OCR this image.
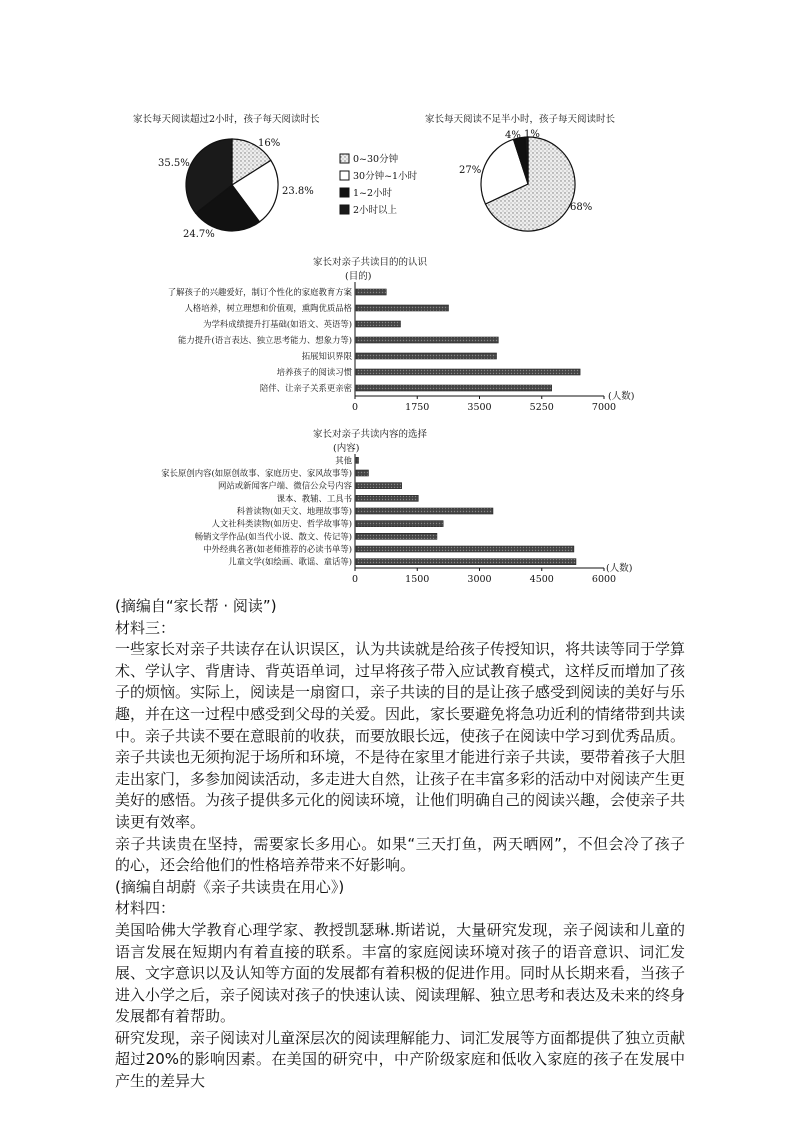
家长每天阅读超过2小时，孩子每天阅读时长
16%
23.8%
24.7%
35.5%	0~30分钟
30分钟~1小时
1~2小时
2小时以上
家长每天阅读不足半小时，孩子每天阅读时长
68%
27%
4% 1%
家长对亲子共读目的的认识
(目的)
了解孩子的兴趣爱好，制订个性化的家庭教育方案
人格培养，树立理想和价值观，熏陶优质品格
为学科成绩提升打基础(如语文、英语等)
能力提升(语言表达、独立思考能力、想象力等)
拓展知识界限
培养孩子的阅读习惯
陪伴、让亲子关系更亲密
0	1750	3500	5250	7000
(人数)
家长对亲子共读内容的选择
(内容)
其他
家长原创内容(如原创故事、家庭历史、家风故事等)
网站或新闻客户端、微信公众号内容
课本、教辅、工具书
科普读物(如天文、地理故事等)
人文社科类读物(如历史、哲学故事等)
畅销文学作品(如当代小说、散文、传记等)
中外经典名著(如老师推荐的必读书单等)
儿童文学(如绘画、歌谣、童话等)
0	1500	3000	4500	6000
(人数)

(摘编自“家长帮 · 阅读”)

材料三：

一些家长对亲子共读存在认识误区，认为共读就是给孩子传授知识，将共读等同于学算术、学认字、背唐诗、背英语单词，过早将孩子带入应试教育模式，这样反而增加了孩子的烦恼。实际上，阅读是一扇窗口，亲子共读的目的是让孩子感受到阅读的美好与乐趣，并在这一过程中感受到父母的关爱。因此，家长要避免将急功近利的情绪带到共读中。亲子共读不要在意眼前的收获，而要放眼长远，使孩子在阅读中学习到优秀品质。

亲子共读也无须拘泥于场所和环境，不是待在家里才能进行亲子共读，要带着孩子大胆走出家门，多参加阅读活动，多走进大自然，让孩子在丰富多彩的活动中对阅读产生更美好的感悟。为孩子提供多元化的阅读环境，让他们明确自己的阅读兴趣，会使亲子共读更有效率。

亲子共读贵在坚持，需要家长多用心。如果“三天打鱼，两天晒网”，不但会冷了孩子的心，还会给他们的性格培养带来不好影响。

(摘编自胡蔚《亲子共读贵在用心》)

材料四：

美国哈佛大学教育心理学家、教授凯瑟琳.斯诺说，大量研究发现，亲子阅读和儿童的语言发展在短期内有着直接的联系。丰富的家庭阅读环境对孩子的语音意识、词汇发展、文字意识以及认知等方面的发展都有着积极的促进作用。同时从长期来看，当孩子进入小学之后，亲子阅读对孩子的快速认读、阅读理解、独立思考和表达及未来的终身发展都有着帮助。

研究发现，亲子阅读对儿童深层次的阅读理解能力、词汇发展等方面都提供了独立贡献超过20%的影响因素。在美国的研究中，中产阶级家庭和低收入家庭的孩子在发展中产生的差异大
